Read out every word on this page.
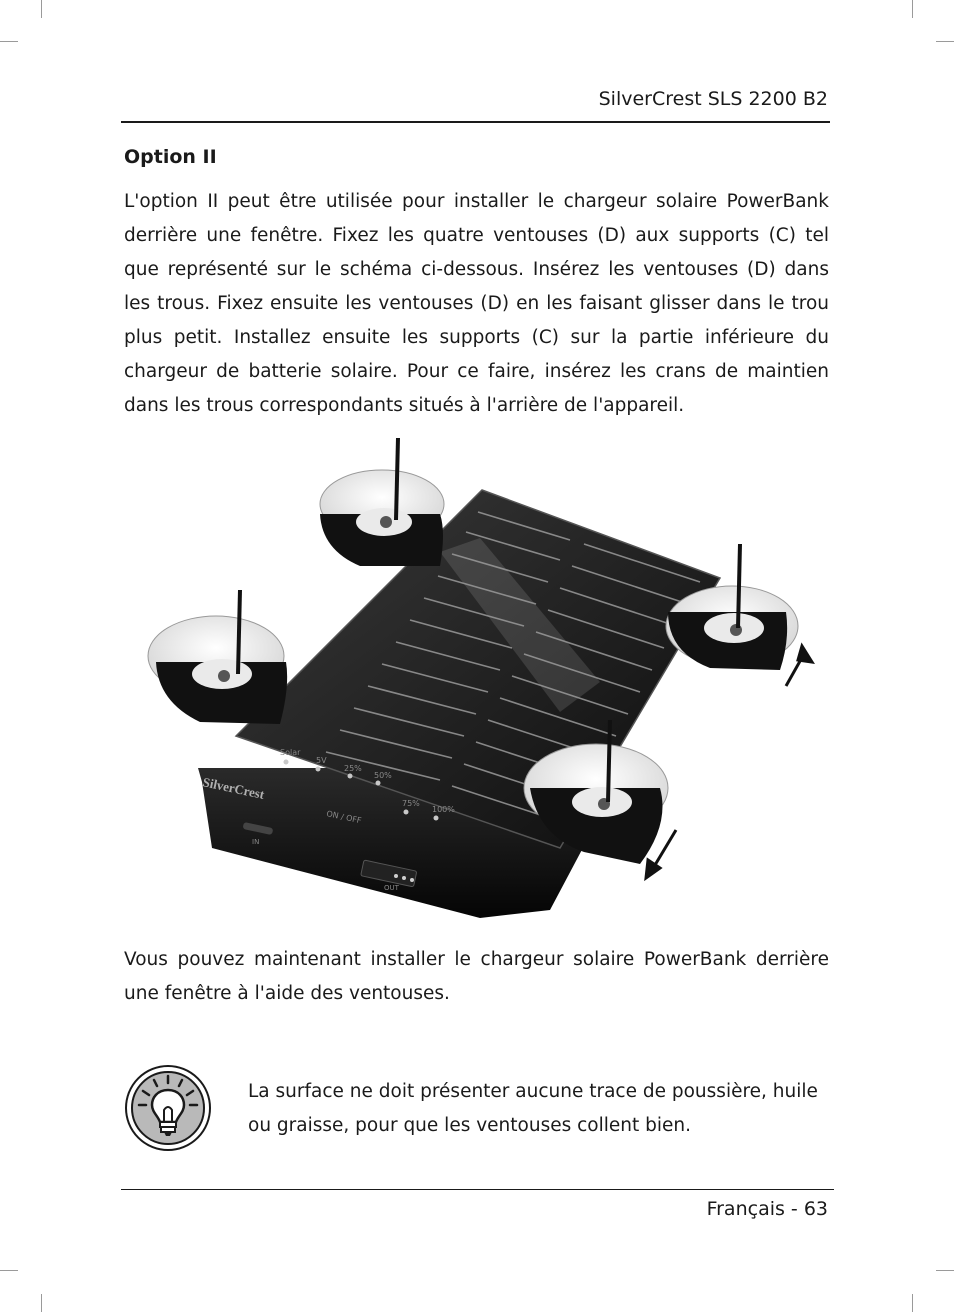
SilverCrest SLS 2200 B2
Option II

L'option II peut être utilisée pour installer le chargeur solaire PowerBank derrière une fenêtre. Fixez les quatre ventouses (D) aux supports (C) tel que représenté sur le schéma ci-dessous. Insérez les ventouses (D) dans les trous. Fixez ensuite les ventouses (D) en les faisant glisser dans le trou plus petit. Installez ensuite les supports (C) sur la partie inférieure du chargeur de batterie solaire. Pour ce faire, insérez les crans de maintien dans les trous correspondants situés à l'arrière de l'appareil.

Solar
5V
25%
50%
75%
100%
SilverCrest
ON / OFF
IN
OUT

Vous pouvez maintenant installer le chargeur solaire PowerBank derrière une fenêtre à l'aide des ventouses.

La surface ne doit présenter aucune trace de poussière, huile ou graisse, pour que les ventouses collent bien.

Français - 63
